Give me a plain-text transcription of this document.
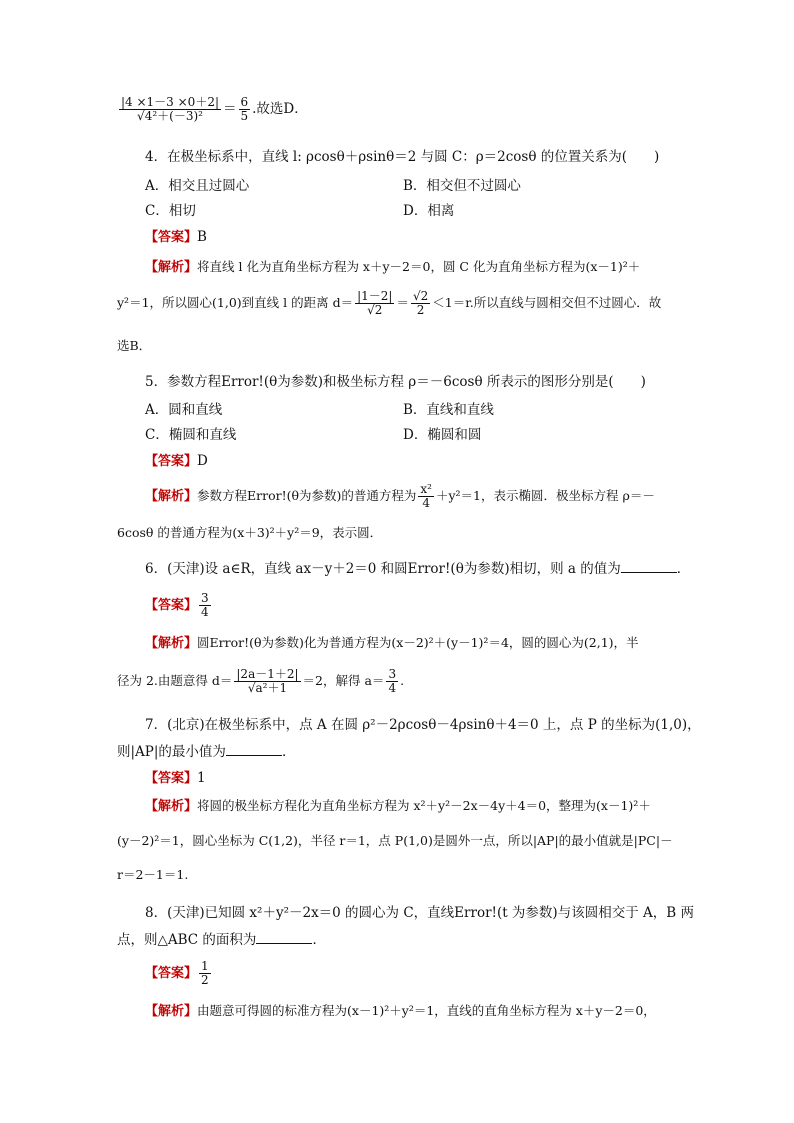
$\frac{|4 \times 1-3 \times 0+2|}{\text{√4²＋(－3)²}} = \frac{6}{5}$ .故选D．
4．在极坐标系中，直线 l: ρcosθ＋ρsinθ＝2 与圆 C：ρ＝2cosθ 的位置关系为(　　)
A．相交且过圆心	B．相交但不过圆心
C．相切	D．相离
【答案】B
【解析】将直线 l 化为直角坐标方程为 x＋y－2＝0，圆 C 化为直角坐标方程为(x－1)²＋
y²＝1，所以圆心(1,0)到直线 l 的距离 $d= \frac{|1-2|}{√2} = \frac{√2}{2} <1=r$.所以直线与圆相交但不过圆心．故
选B．
5．参数方程Error!(θ为参数)和极坐标方程 ρ＝－6cosθ 所表示的图形分别是(　　)
A．圆和直线	B．直线和直线
C．椭圆和直线	D．椭圆和圆
【答案】D
【解析】参数方程Error!(θ为参数)的普通方程为 $\frac{\text{x²}}{4} +y^2=1$，表示椭圆．极坐标方程 ρ＝－
6cosθ 的普通方程为(x＋3)²＋y²＝9，表示圆．
6．(天津)设 a∈R，直线 ax－y＋2＝0 和圆Error!(θ为参数)相切，则 a 的值为	．
【答案】 $\frac{3}{4}$
【解析】圆Error!(θ为参数)化为普通方程为(x－2)²＋(y－1)²＝4，圆的圆心为(2,1)，半
径为 2.由题意得 $d= \frac{|2a-1+2|}{\text{√a²＋1}} =2$，解得 $a= \frac{3}{4}$ .
7．(北京)在极坐标系中，点 A 在圆 ρ²－2ρcosθ－4ρsinθ＋4＝0 上，点 P 的坐标为(1,0)，
则|AP|的最小值为	．
【答案】1
【解析】将圆的极坐标方程化为直角坐标方程为 x²＋y²－2x－4y＋4＝0，整理为(x－1)²＋
(y－2)²＝1，圆心坐标为 C(1,2)，半径 r＝1，点 P(1,0)是圆外一点，所以|AP|的最小值就是|PC|－
r＝2－1＝1.
8．(天津)已知圆 x²＋y²－2x＝0 的圆心为 C，直线Error!(t 为参数)与该圆相交于 A，B 两
点，则△ABC 的面积为	．
【答案】 $\frac{1}{2}$
【解析】由题意可得圆的标准方程为(x－1)²＋y²＝1，直线的直角坐标方程为 x＋y－2＝0，
